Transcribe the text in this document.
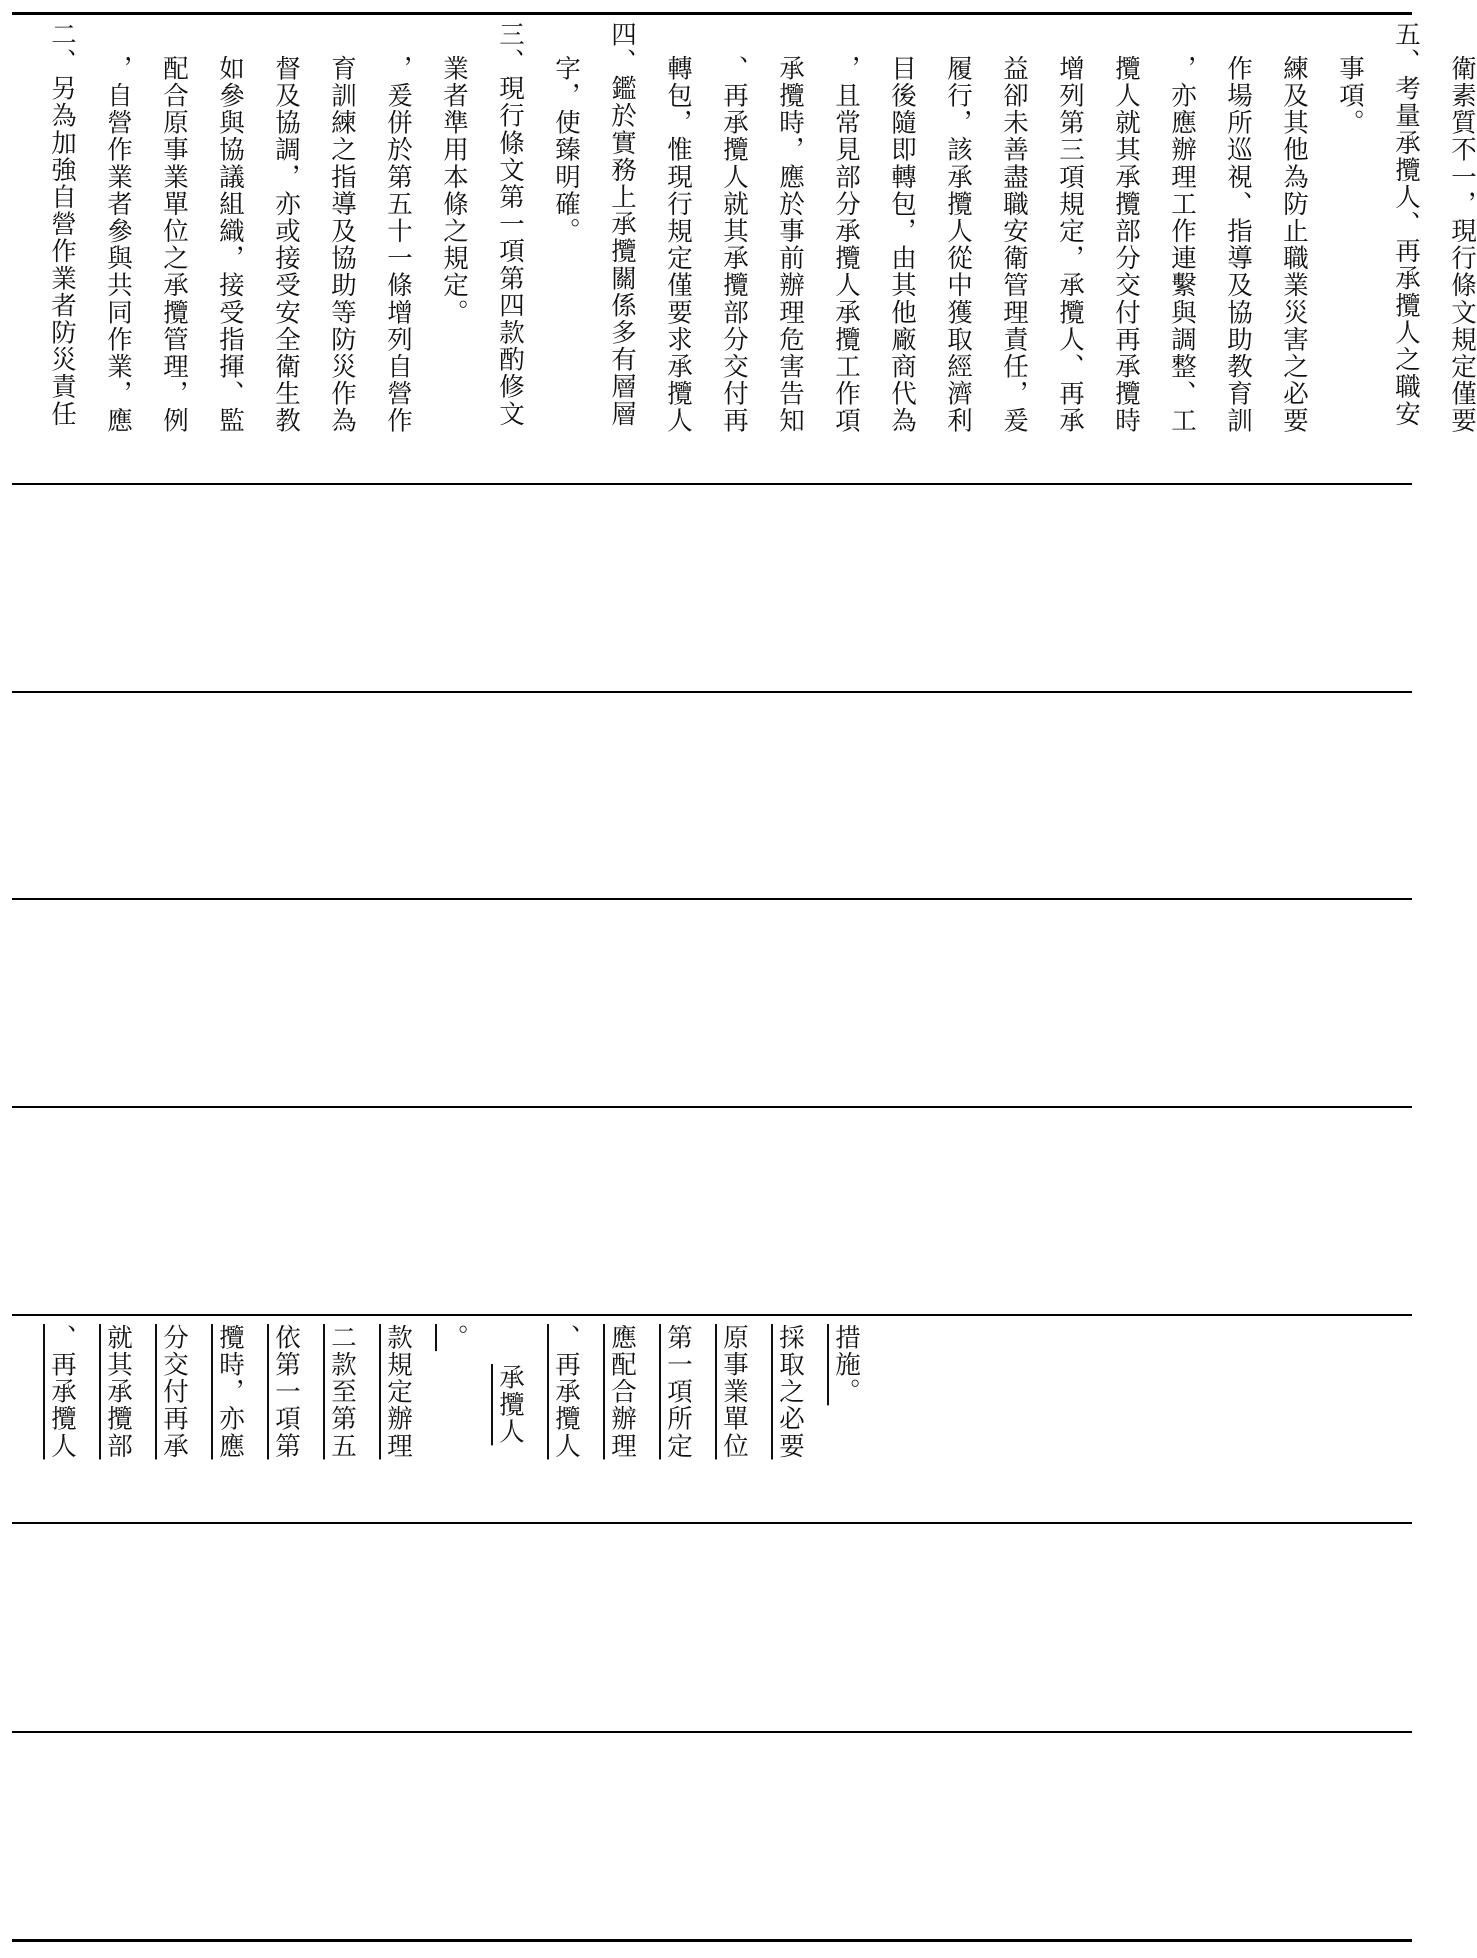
二、另為加強自營作業者防災責任	，自營作業者參與共同作業，應	配合原事業單位之承攬管理，例	如參與協議組織，接受指揮、監	督及協調，亦或接受安全衛生教	育訓練之指導及協助等防災作為	，爰併於第五十一條增列自營作	業者準用本條之規定。	三、現行條文第一項第四款酌修文	字，使臻明確。	四、鑑於實務上承攬關係多有層層	轉包，惟現行規定僅要求承攬人	、再承攬人就其承攬部分交付再	承攬時，應於事前辦理危害告知	，且常見部分承攬人承攬工作項	目後隨即轉包，由其他廠商代為	履行，該承攬人從中獲取經濟利	益卻未善盡職安衛管理責任，爰	增列第三項規定，承攬人、再承	攬人就其承攬部分交付再承攬時	，亦應辦理工作連繫與調整、工	作場所巡視、指導及協助教育訓	練及其他為防止職業災害之必要	事項。	五、考量承攬人、再承攬人之職安	衛素質不一，現行條文規定僅要
、再承攬人	就其承攬部	分交付再承	攬時，亦應	依第一項第	二款至第五	款規定辦理	。
承攬人	、再承攬人	應配合辦理	第一項所定	原事業單位	採取之必要	措施。
